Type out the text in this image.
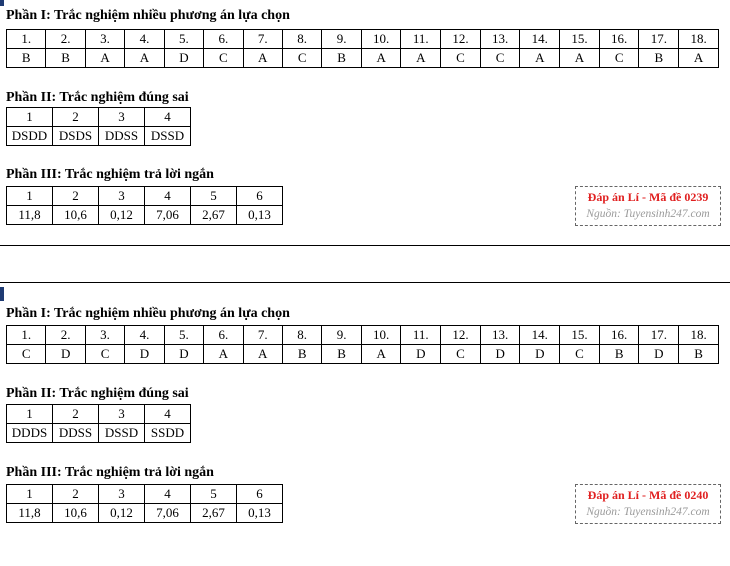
Phần I: Trắc nghiệm nhiều phương án lựa chọn
1.	2.	3.	4.	5.	6.	7.	8.	9.	10.	11.	12.	13.	14.	15.	16.	17.	18.
B	B	A	A	D	C	A	C	B	A	A	C	C	A	A	C	B	A
Phần II: Trắc nghiệm đúng sai
1	2	3	4
DSDD	DSDS	DDSS	DSSD
Phần III: Trắc nghiệm trả lời ngắn
1	2	3	4	5	6
11,8	10,6	0,12	7,06	2,67	0,13
Đáp án Lí - Mã đề 0239
Nguồn: Tuyensinh247.com
Phần I: Trắc nghiệm nhiều phương án lựa chọn
1.	2.	3.	4.	5.	6.	7.	8.	9.	10.	11.	12.	13.	14.	15.	16.	17.	18.
C	D	C	D	D	A	A	B	B	A	D	C	D	D	C	B	D	B
Phần II: Trắc nghiệm đúng sai
1	2	3	4
DDDS	DDSS	DSSD	SSDD
Phần III: Trắc nghiệm trả lời ngắn
1	2	3	4	5	6
11,8	10,6	0,12	7,06	2,67	0,13
Đáp án Lí - Mã đề 0240
Nguồn: Tuyensinh247.com
